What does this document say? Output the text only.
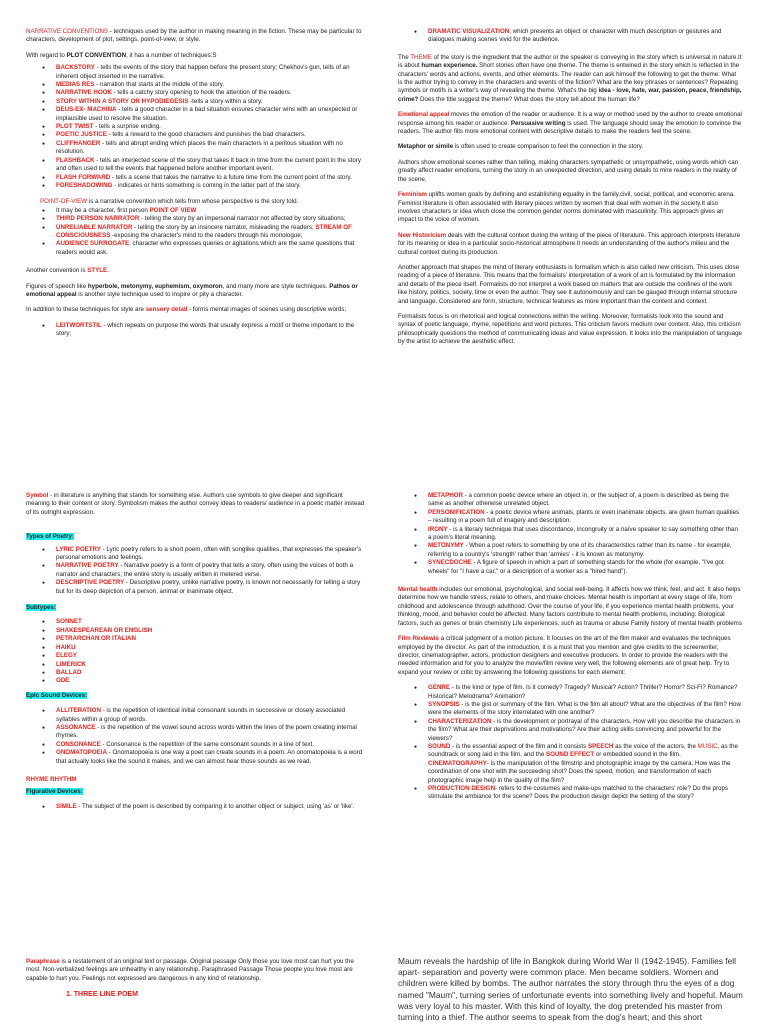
NARRATIVE CONVENTIONS - techniques used by the author in making meaning in the fiction. These may be particular to characters, development of plot, settings, point-of-view, or style.

With regard to PLOT CONVENTION, it has a number of techniques:S

● BACKSTORY - tells the events of the story that happen before the present story; Chekhov's gun, tells of an inherent object inserted in the narrative.
● MEDIAS RES - narration that starts at the middle of the story.
● NARRATIVE HOOK - tells a catchy story opening to hook the attention of the readers.
● STORY WITHIN A STORY OR HYPODIEGESIS -tells a story within a story.
● DEUS-EX- MACHINA - tells a good character in a bad situation ensures character wins with an unexpected or implausible used to resolve the situation.
● PLOT TWIST - tells a surprise ending.
● POETIC JUSTICE - tells a reward to the good characters and punishes the bad characters.
● CLIFFHANGER - tells and abrupt ending which places the main characters in a perilous situation with no resolution.
● FLASHBACK - tells an interjected scene of the story that takes it back in time from the current point in the story and often used to tell the events that happened before another important event.
● FLASH FORWARD - tells a scene that takes the narrative to a future time from the current point of the story.
● FORESHADOWING - indicates or hints something is coming in the latter part of the story.

POINT-OF-VIEW is a narrative convention which tells from whose perspective is the story told.

● It may be a character, first person POINT OF VIEW
● THIRD PERSON NARRATOR - telling the story by an impersonal narrator not affected by story situations;
● UNRELIABLE NARRATOR - telling the story by an insincere narrator, misleading the readers; STREAM OF CONSCIOUSNESS -exposing the character's mind to the readers through his monologue;
● AUDIENCE SURROGATE, character who expresses queries or agitations which are the same questions that readers would ask.

Another convention is STYLE.

Figures of speech like hyperbole, metonymy, euphemism, oxymoron, and many more are style techniques. Pathos or emotional appeal is another style technique used to inspire or pity a character.

In addition to these techniques for style are sensory detail - forms mental images of scenes using descriptive words;

● LEITWORTSTIL - which repeats on purpose the words that usually express a motif or theme important to the story;
● DRAMATIC VISUALIZATION, which presents an object or character with much description or gestures and dialogues making scenes vivid for the audience.

The THEME of the story is the ingredient that the author or the speaker is conveying in the story which is universal in nature.It is about human experience. Short stories often have one theme. The theme is entwined in the story which is reflected in the characters' words and actions, events, and other elements. The reader can ask himself the following to get the theme: What is the author trying to convey in the characters and events of the fiction? What are the key phrases or sentences? Repeating symbols or motifs is a writer's way of revealing the theme. What's the big idea - love, hate, war, passion, peace, friendship, crime? Does the title suggest the theme? What does the story tell about the human life?

Emotional appeal moves the emotion of the reader or audience. It is a way or method used by the author to create emotional response among his reader or audience. Persuasive writing is used. The language should sway the emotion to convince the readers. The author fills more emotional content with descriptive details to make the readers feel the scene.

Metaphor or simile is often used to create comparison to feel the connection in the story.

Authors show emotional scenes rather than telling, making characters sympathetic or unsympathetic, using words which can greatly affect reader emotions, turning the story in an unexpected direction, and using details to mire readers in the reality of the scene.

Feminism uplifts women goals by defining and establishing equality in the family,civil, social, political, and economic arena. Feminist literature is often associated with literary pieces written by women that deal with women in the society.It also involves characters or idea which close the common gender norms dominated with masculinity. This approach gives an impact to the voice of women.

New Historicism deals with the cultural context during the writing of the piece of literature. This approach interprets literature for its meaning or idea in a particular socio-historical atmosphere.It needs an understanding of the author's milieu and the cultural context during its production.

Another approach that shapes the mind of literary enthusiasts is formalism which is also called new criticism. This uses close reading of a piece of literature. This means that the formalists' interpretation of a work of art is formulated by the information and details of the piece itself. Formalists do not interpret a work based on matters that are outside the confines of the work like history, politics, society, time or even the author. They see it autonomously and can be gauged through internal structure and language. Considered are form, structure, technical features as more important than the content and context.

Formalists focus is on rhetorical and logical connections within the writing. Moreover, formalists look into the sound and syntax of poetic language, rhyme, repetitions and word pictures. This criticism favors medium over content. Also, this criticism philosophically questions the method of communicating ideas and value expression. It looks into the manipulation of language by the artist to achieve the aesthetic effect.

Symbol - in literature is anything that stands for something else. Authors use symbols to give deeper and significant meaning to their content or story. Symbolism makes the author convey ideas to readers/ audience in a poetic matter instead of its outright expression.

Types of Poetry:

● LYRIC POETRY - Lyric poetry refers to a short poem, often with songlike qualities, that expresses the speaker's personal emotions and feelings.
● NARRATIVE POETRY - Narrative poetry is a form of poetry that tells a story, often using the voices of both a narrator and characters; the entire story is usually written in metered verse.
● DESCRIPTIVE POETRY - Descriptive poetry, unlike narrative poetry, is known not necessarily for telling a story but for its deep depiction of a person, animal or inanimate object.

Subtypes:

● SONNET
● SHAKESPEAREAN OR ENGLISH
● PETRARCHAN OR ITALIAN
● HAIKU
● ELEGY
● LIMERICK
● BALLAD
● ODE

Epic Sound Devices:

● ALLITERATION - is the repetition of identical initial consonant sounds in successive or closely associated syllables within a group of words.
● ASSONANCE - is the repetition of the vowel sound across words within the lines of the poem creating internal rhymes.
● CONSONANCE - Consonance is the repetition of the same consonant sounds in a line of text.
● ONOMATOPOEIA - Onomatopoeia is one way a poet can create sounds in a poem. An onomatopoeia is a word that actually looks like the sound it makes, and we can almost hear those sounds as we read.

RHYME RHYTHM

Figurative Devices:

● SIMILE - The subject of the poem is described by comparing it to another object or subject, using 'as' or 'like'.
● METAPHOR - a common poetic device where an object in, or the subject of, a poem is described as being the same as another otherwise unrelated object.
● PERSONIFICATION - a poetic device where animals, plants or even inanimate objects, are given human qualities – resulting in a poem full of imagery and description.
● IRONY - is a literary technique that uses discordance, incongruity or a naïve speaker to say something other than a poem's literal meaning.
● METONYMY - When a poet refers to something by one of its characteristics rather than its name - for example, referring to a country's 'strength' rather than 'armies' - it is known as metonymy.
● SYNECDOCHE - A figure of speech in which a part of something stands for the whole (for example, "I've got wheels" for "I have a car," or a description of a worker as a "hired hand").

Mental health includes our emotional, psychological, and social well-being. It affects how we think, feel, and act. It also helps determine how we handle stress, relate to others, and make choices. Mental health is important at every stage of life, from childhood and adolescence through adulthood. Over the course of your life, if you experience mental health problems, your thinking, mood, and behavior could be affected. Many factors contribute to mental health problems, including: Biological factors, such as genes or brain chemistry Life experiences, such as trauma or abuse Family history of mental health problems

Film Reviewis a critical judgment of a motion picture. It focuses on the art of the film maker and evaluates the techniques employed by the director. As part of the introduction, it is a must that you mention and give credits to the screenwriter, director, cinematographer, actors, production designers and executive producers. In order to provide the readers with the needed information and for you to analyze the movie/film review very well, the following elements are of great help. Try to expand your review or critic by answering the following questions for each element:

● GENRE - Is the kind or type of film. Is it comedy? Tragedy? Musical? Action? Thriller? Horror? Sci-Fi? Romance? Historical? Melodrama? Animation?
● SYNOPSIS - is the gist or summary of the film. What is the film all about? What are the objectives of the film? How were the elements of the story interrelated with one another?
● CHARACTERIZATION - is the development or portrayal of the characters. How will you describe the characters in the film? What are their deprivations and motivations? Are their acting skills convincing and powerful for the viewers?
● SOUND - is the essential aspect of the film and it consists SPEECH as the voice of the actors, the MUSIC, as the soundtrack or song laid in the film, and the SOUND EFFECT or embedded sound in the film. CINEMATOGRAPHY- is the manipulation of the filmstrip and photographic image by the camera. How was the coordination of one shot with the succeeding shot? Does the speed, motion, and transformation of each photographic image help in the quality of the film?
● PRODUCTION DESIGN- refers to the costumes and make-ups matched to the characters' role? Do the props stimulate the ambiance for the scene? Does the production design depict the setting of the story?

Paraphrase is a restatement of an original text or passage. Original passage Only those you love most can hurt you the most. Non-verbalized feelings are unhealthy in any relationship. Paraphrased Passage Those people you love most are capable to hurt you. Feelings not expressed are dangerous in any kind of relationship.

1. THREE LINE POEM

Maum reveals the hardship of life in Bangkok during World War II (1942-1945). Families fell apart- separation and poverty were common place. Men became soldiers. Women and children were killed by bombs. The author narrates the story through thru the eyes of a dog named "Maum", turning series of unfortunate events into something lively and hopeful. Maum was very loyal to his master. With this kind of loyalty, the dog pretended his master from turning into a thief. The author seems to speak from the dog's heart; and this short
